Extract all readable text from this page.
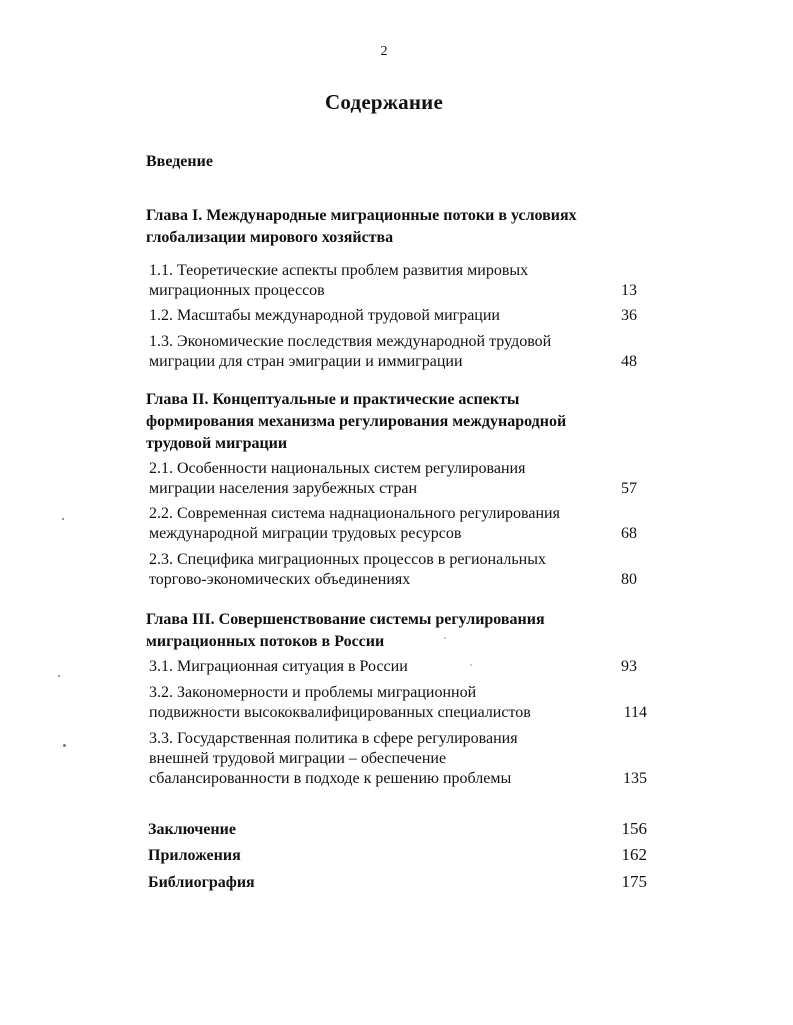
2
Содержание
Введение
Глава I. Международные миграционные потоки в условиях
глобализации мирового хозяйства
1.1. Теоретические аспекты проблем развития мировых
миграционных процессов	13
1.2. Масштабы международной трудовой миграции	36
1.3. Экономические последствия международной трудовой
миграции для стран эмиграции и иммиграции	48
Глава II. Концептуальные и практические аспекты
формирования механизма регулирования международной
трудовой миграции
2.1. Особенности национальных систем регулирования
миграции населения зарубежных стран	57
2.2. Современная система наднационального регулирования
международной миграции трудовых ресурсов	68
2.3. Специфика миграционных процессов в региональных
торгово-экономических объединениях	80
Глава III. Совершенствование системы регулирования
миграционных потоков в России
3.1. Миграционная ситуация в России	93
3.2. Закономерности и проблемы миграционной
подвижности высококвалифицированных специалистов	114
3.3. Государственная политика в сфере регулирования
внешней трудовой миграции – обеспечение
сбалансированности в подходе к решению проблемы	135
Заключение	156
Приложения	162
Библиография	175
